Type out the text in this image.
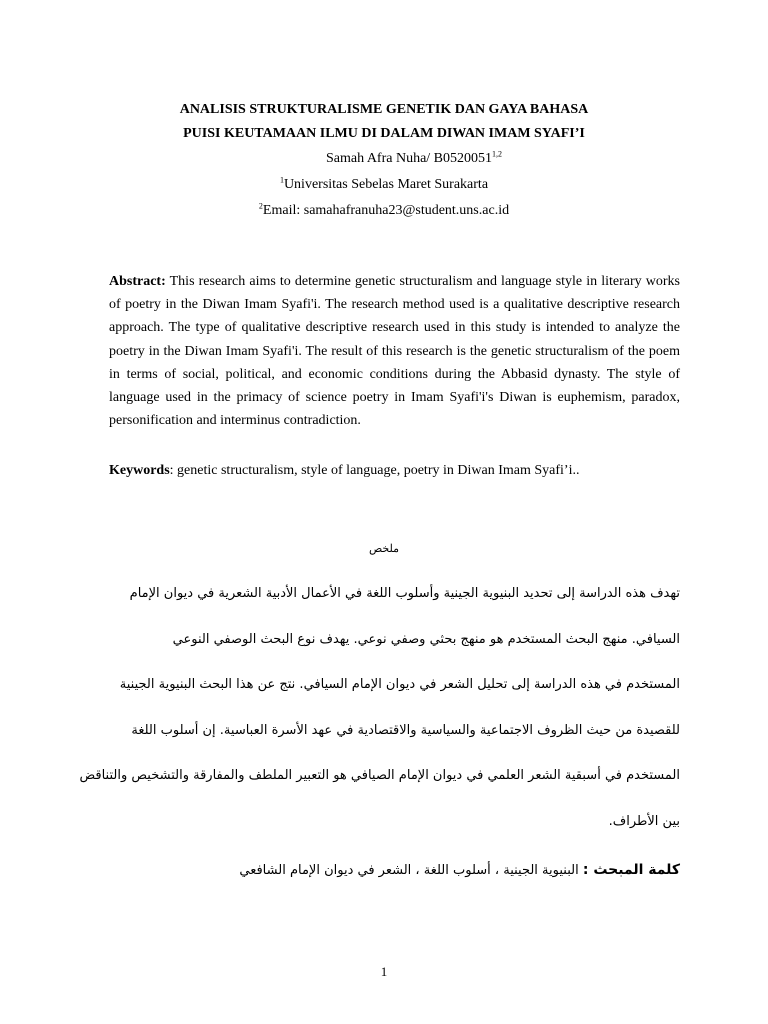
ANALISIS STRUKTURALISME GENETIK DAN GAYA BAHASA
PUISI KEUTAMAAN ILMU DI DALAM DIWAN IMAM SYAFI’I
Samah Afra Nuha/ B0520051$^{1,2}$
$^1$Universitas Sebelas Maret Surakarta
$^2$Email: samahafranuha23@student.uns.ac.id
Abstract: This research aims to determine genetic structuralism and language style in literary works of poetry in the Diwan Imam Syafi'i. The research method used is a qualitative descriptive research approach. The type of qualitative descriptive research used in this study is intended to analyze the poetry in the Diwan Imam Syafi'i. The result of this research is the genetic structuralism of the poem in terms of social, political, and economic conditions during the Abbasid dynasty. The style of language used in the primacy of science poetry in Imam Syafi'i's Diwan is euphemism, paradox, personification and interminus contradiction.
Keywords: genetic structuralism, style of language, poetry in Diwan Imam Syafi’i..
ملخص
تهدف هذه الدراسة إلى تحديد البنيوية الجينية وأسلوب اللغة في الأعمال الأدبية الشعرية في ديوان الإمام
السيافي. منهج البحث المستخدم هو منهج بحثي وصفي نوعي. يهدف نوع البحث الوصفي النوعي
المستخدم في هذه الدراسة إلى تحليل الشعر في ديوان الإمام السيافي. نتج عن هذا البحث البنيوية الجينية
للقصيدة من حيث الظروف الاجتماعية والسياسية والاقتصادية في عهد الأسرة العباسية. إن أسلوب اللغة
المستخدم في أسبقية الشعر العلمي في ديوان الإمام الصيافي هو التعبير الملطف والمفارقة والتشخيص والتناقض
بين الأطراف.
كلمة المبحث : البنيوية الجينية ، أسلوب اللغة ، الشعر في ديوان الإمام الشافعي
1
